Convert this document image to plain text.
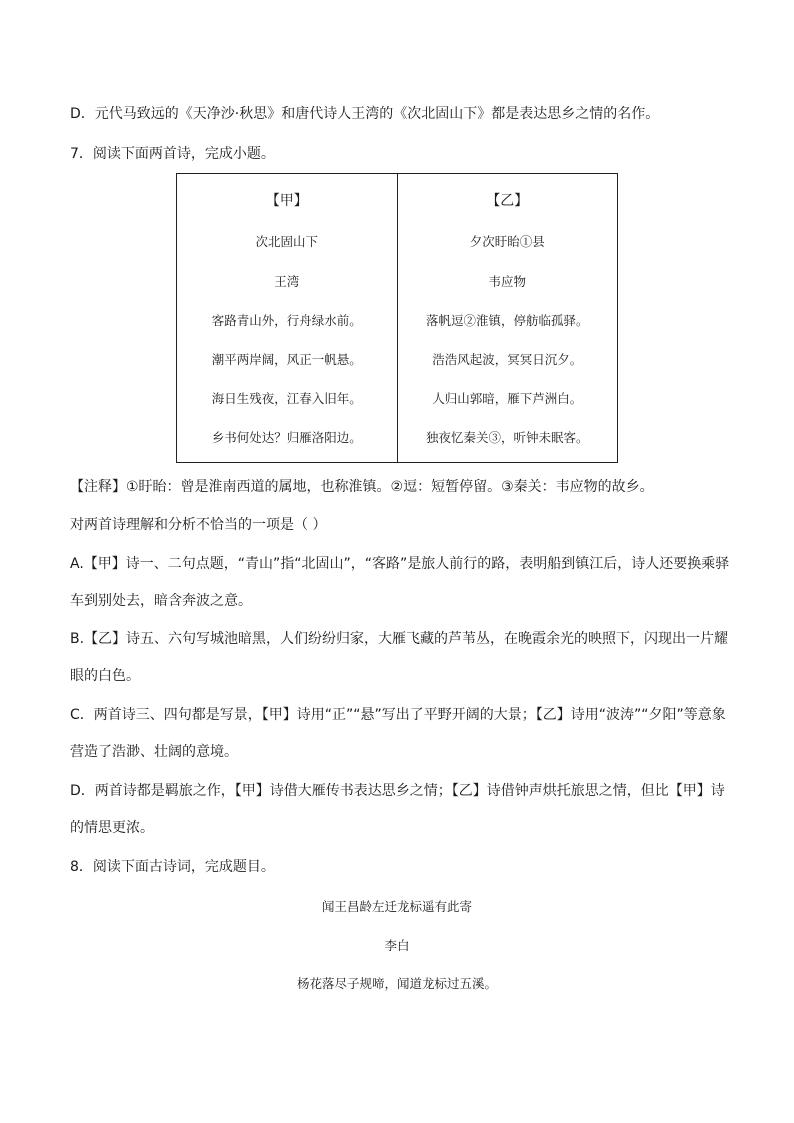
D．元代马致远的《天净沙·秋思》和唐代诗人王湾的《次北固山下》都是表达思乡之情的名作。
7．阅读下面两首诗，完成小题。
【甲】
次北固山下
王湾
客路青山外，行舟绿水前。
潮平两岸阔，风正一帆悬。
海日生残夜，江春入旧年。
乡书何处达？归雁洛阳边。
【乙】
夕次盱眙①县
韦应物
落帆逗②淮镇，停舫临孤驿。
浩浩风起波，冥冥日沉夕。
人归山郭暗，雁下芦洲白。
独夜忆秦关③，听钟未眠客。
【注释】①盱眙：曾是淮南西道的属地，也称淮镇。②逗：短暂停留。③秦关：韦应物的故乡。
对两首诗理解和分析不恰当的一项是（ ）
A.【甲】诗一、二句点题，“青山”指“北固山”，“客路”是旅人前行的路，表明船到镇江后，诗人还要换乘驿车到别处去，暗含奔波之意。
B.【乙】诗五、六句写城池暗黑，人们纷纷归家，大雁飞藏的芦苇丛，在晚霞余光的映照下，闪现出一片耀眼的白色。
C．两首诗三、四句都是写景，【甲】诗用“正”“悬”写出了平野开阔的大景；【乙】诗用“波涛”“夕阳”等意象营造了浩渺、壮阔的意境。
D．两首诗都是羁旅之作，【甲】诗借大雁传书表达思乡之情；【乙】诗借钟声烘托旅思之情，但比【甲】诗的情思更浓。
8．阅读下面古诗词，完成题目。
闻王昌龄左迁龙标遥有此寄
李白
杨花落尽子规啼，闻道龙标过五溪。
